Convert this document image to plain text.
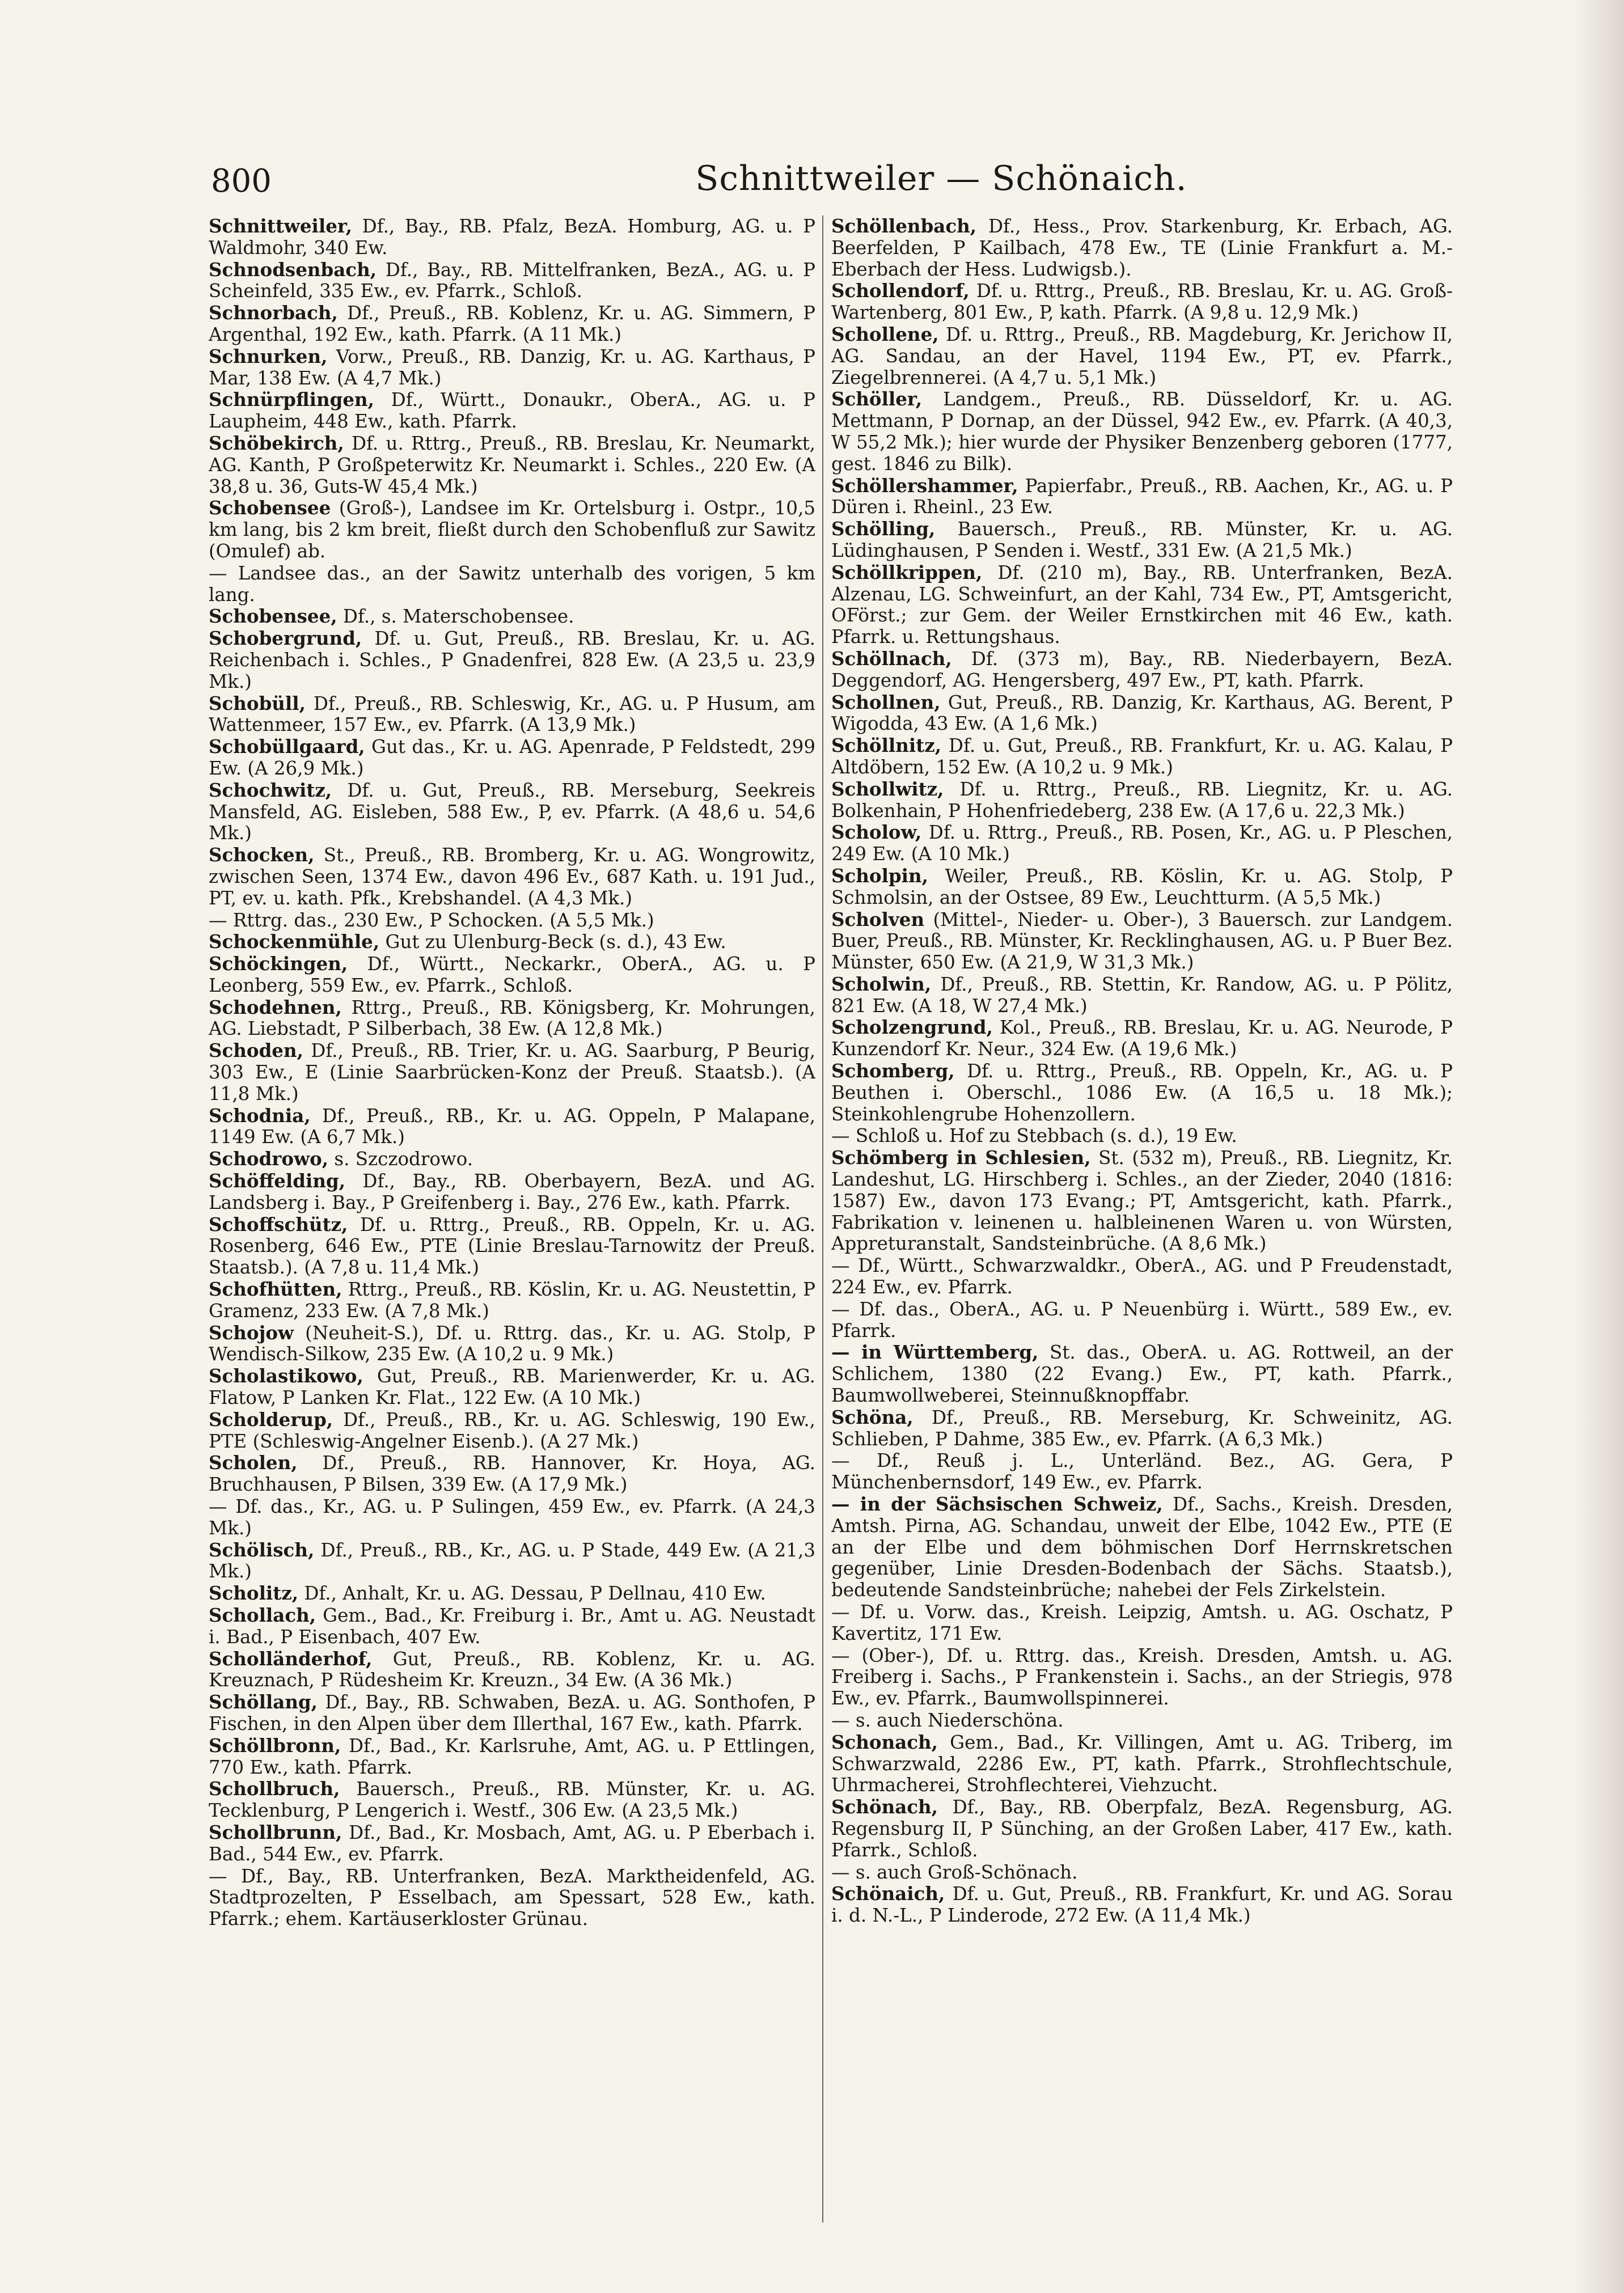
800	Schnittweiler — Schönaich.

Schnittweiler, Df., Bay., RB. Pfalz, BezA. Homburg, AG. u. P Waldmohr, 340 Ew.

Schnodsenbach, Df., Bay., RB. Mittelfranken, BezA., AG. u. P Scheinfeld, 335 Ew., ev. Pfarrk., Schloß.

Schnorbach, Df., Preuß., RB. Koblenz, Kr. u. AG. Simmern, P Argenthal, 192 Ew., kath. Pfarrk. (A 11 Mk.)

Schnurken, Vorw., Preuß., RB. Danzig, Kr. u. AG. Karthaus, P Mar, 138 Ew. (A 4,7 Mk.)

Schnürpflingen, Df., Württ., Donaukr., OberA., AG. u. P Laupheim, 448 Ew., kath. Pfarrk.

Schöbekirch, Df. u. Rttrg., Preuß., RB. Breslau, Kr. Neumarkt, AG. Kanth, P Großpeterwitz Kr. Neumarkt i. Schles., 220 Ew. (A 38,8 u. 36, Guts-W 45,4 Mk.)

Schobensee (Groß-), Landsee im Kr. Ortelsburg i. Ostpr., 10,5 km lang, bis 2 km breit, fließt durch den Schobenfluß zur Sawitz (Omulef) ab.

— Landsee das., an der Sawitz unterhalb des vorigen, 5 km lang.

Schobensee, Df., s. Materschobensee.

Schobergrund, Df. u. Gut, Preuß., RB. Breslau, Kr. u. AG. Reichenbach i. Schles., P Gnadenfrei, 828 Ew. (A 23,5 u. 23,9 Mk.)

Schobüll, Df., Preuß., RB. Schleswig, Kr., AG. u. P Husum, am Wattenmeer, 157 Ew., ev. Pfarrk. (A 13,9 Mk.)

Schobüllgaard, Gut das., Kr. u. AG. Apenrade, P Feldstedt, 299 Ew. (A 26,9 Mk.)

Schochwitz, Df. u. Gut, Preuß., RB. Merseburg, Seekreis Mansfeld, AG. Eisleben, 588 Ew., P, ev. Pfarrk. (A 48,6 u. 54,6 Mk.)

Schocken, St., Preuß., RB. Bromberg, Kr. u. AG. Wongrowitz, zwischen Seen, 1374 Ew., davon 496 Ev., 687 Kath. u. 191 Jud., PT, ev. u. kath. Pfk., Krebshandel. (A 4,3 Mk.)

— Rttrg. das., 230 Ew., P Schocken. (A 5,5 Mk.)

Schockenmühle, Gut zu Ulenburg-Beck (s. d.), 43 Ew.

Schöckingen, Df., Württ., Neckarkr., OberA., AG. u. P Leonberg, 559 Ew., ev. Pfarrk., Schloß.

Schodehnen, Rttrg., Preuß., RB. Königsberg, Kr. Mohrungen, AG. Liebstadt, P Silberbach, 38 Ew. (A 12,8 Mk.)

Schoden, Df., Preuß., RB. Trier, Kr. u. AG. Saarburg, P Beurig, 303 Ew., E (Linie Saarbrücken-Konz der Preuß. Staatsb.). (A 11,8 Mk.)

Schodnia, Df., Preuß., RB., Kr. u. AG. Oppeln, P Malapane, 1149 Ew. (A 6,7 Mk.)

Schodrowo, s. Szczodrowo.

Schöffelding, Df., Bay., RB. Oberbayern, BezA. und AG. Landsberg i. Bay., P Greifenberg i. Bay., 276 Ew., kath. Pfarrk.

Schoffschütz, Df. u. Rttrg., Preuß., RB. Oppeln, Kr. u. AG. Rosenberg, 646 Ew., PTE (Linie Breslau-Tarnowitz der Preuß. Staatsb.). (A 7,8 u. 11,4 Mk.)

Schofhütten, Rttrg., Preuß., RB. Köslin, Kr. u. AG. Neustettin, P Gramenz, 233 Ew. (A 7,8 Mk.)

Schojow (Neuheit-S.), Df. u. Rttrg. das., Kr. u. AG. Stolp, P Wendisch-Silkow, 235 Ew. (A 10,2 u. 9 Mk.)

Scholastikowo, Gut, Preuß., RB. Marienwerder, Kr. u. AG. Flatow, P Lanken Kr. Flat., 122 Ew. (A 10 Mk.)

Scholderup, Df., Preuß., RB., Kr. u. AG. Schleswig, 190 Ew., PTE (Schleswig-Angelner Eisenb.). (A 27 Mk.)

Scholen, Df., Preuß., RB. Hannover, Kr. Hoya, AG. Bruchhausen, P Bilsen, 339 Ew. (A 17,9 Mk.)

— Df. das., Kr., AG. u. P Sulingen, 459 Ew., ev. Pfarrk. (A 24,3 Mk.)

Schölisch, Df., Preuß., RB., Kr., AG. u. P Stade, 449 Ew. (A 21,3 Mk.)

Scholitz, Df., Anhalt, Kr. u. AG. Dessau, P Dellnau, 410 Ew.

Schollach, Gem., Bad., Kr. Freiburg i. Br., Amt u. AG. Neustadt i. Bad., P Eisenbach, 407 Ew.

Scholländerhof, Gut, Preuß., RB. Koblenz, Kr. u. AG. Kreuznach, P Rüdesheim Kr. Kreuzn., 34 Ew. (A 36 Mk.)

Schöllang, Df., Bay., RB. Schwaben, BezA. u. AG. Sonthofen, P Fischen, in den Alpen über dem Illerthal, 167 Ew., kath. Pfarrk.

Schöllbronn, Df., Bad., Kr. Karlsruhe, Amt, AG. u. P Ettlingen, 770 Ew., kath. Pfarrk.

Schollbruch, Bauersch., Preuß., RB. Münster, Kr. u. AG. Tecklenburg, P Lengerich i. Westf., 306 Ew. (A 23,5 Mk.)

Schollbrunn, Df., Bad., Kr. Mosbach, Amt, AG. u. P Eberbach i. Bad., 544 Ew., ev. Pfarrk.

— Df., Bay., RB. Unterfranken, BezA. Marktheidenfeld, AG. Stadtprozelten, P Esselbach, am Spessart, 528 Ew., kath. Pfarrk.; ehem. Kartäuserkloster Grünau.

Schöllenbach, Df., Hess., Prov. Starkenburg, Kr. Erbach, AG. Beerfelden, P Kailbach, 478 Ew., TE (Linie Frankfurt a. M.-Eberbach der Hess. Ludwigsb.).

Schollendorf, Df. u. Rttrg., Preuß., RB. Breslau, Kr. u. AG. Groß-Wartenberg, 801 Ew., P, kath. Pfarrk. (A 9,8 u. 12,9 Mk.)

Schollene, Df. u. Rttrg., Preuß., RB. Magdeburg, Kr. Jerichow II, AG. Sandau, an der Havel, 1194 Ew., PT, ev. Pfarrk., Ziegelbrennerei. (A 4,7 u. 5,1 Mk.)

Schöller, Landgem., Preuß., RB. Düsseldorf, Kr. u. AG. Mettmann, P Dornap, an der Düssel, 942 Ew., ev. Pfarrk. (A 40,3, W 55,2 Mk.); hier wurde der Physiker Benzenberg geboren (1777, gest. 1846 zu Bilk).

Schöllershammer, Papierfabr., Preuß., RB. Aachen, Kr., AG. u. P Düren i. Rheinl., 23 Ew.

Schölling, Bauersch., Preuß., RB. Münster, Kr. u. AG. Lüdinghausen, P Senden i. Westf., 331 Ew. (A 21,5 Mk.)

Schöllkrippen, Df. (210 m), Bay., RB. Unterfranken, BezA. Alzenau, LG. Schweinfurt, an der Kahl, 734 Ew., PT, Amtsgericht, OFörst.; zur Gem. der Weiler Ernstkirchen mit 46 Ew., kath. Pfarrk. u. Rettungshaus.

Schöllnach, Df. (373 m), Bay., RB. Niederbayern, BezA. Deggendorf, AG. Hengersberg, 497 Ew., PT, kath. Pfarrk.

Schollnen, Gut, Preuß., RB. Danzig, Kr. Karthaus, AG. Berent, P Wigodda, 43 Ew. (A 1,6 Mk.)

Schöllnitz, Df. u. Gut, Preuß., RB. Frankfurt, Kr. u. AG. Kalau, P Altdöbern, 152 Ew. (A 10,2 u. 9 Mk.)

Schollwitz, Df. u. Rttrg., Preuß., RB. Liegnitz, Kr. u. AG. Bolkenhain, P Hohenfriedeberg, 238 Ew. (A 17,6 u. 22,3 Mk.)

Scholow, Df. u. Rttrg., Preuß., RB. Posen, Kr., AG. u. P Pleschen, 249 Ew. (A 10 Mk.)

Scholpin, Weiler, Preuß., RB. Köslin, Kr. u. AG. Stolp, P Schmolsin, an der Ostsee, 89 Ew., Leuchtturm. (A 5,5 Mk.)

Scholven (Mittel-, Nieder- u. Ober-), 3 Bauersch. zur Landgem. Buer, Preuß., RB. Münster, Kr. Recklinghausen, AG. u. P Buer Bez. Münster, 650 Ew. (A 21,9, W 31,3 Mk.)

Scholwin, Df., Preuß., RB. Stettin, Kr. Randow, AG. u. P Pölitz, 821 Ew. (A 18, W 27,4 Mk.)

Scholzengrund, Kol., Preuß., RB. Breslau, Kr. u. AG. Neurode, P Kunzendorf Kr. Neur., 324 Ew. (A 19,6 Mk.)

Schomberg, Df. u. Rttrg., Preuß., RB. Oppeln, Kr., AG. u. P Beuthen i. Oberschl., 1086 Ew. (A 16,5 u. 18 Mk.); Steinkohlengrube Hohenzollern.

— Schloß u. Hof zu Stebbach (s. d.), 19 Ew.

Schömberg in Schlesien, St. (532 m), Preuß., RB. Liegnitz, Kr. Landeshut, LG. Hirschberg i. Schles., an der Zieder, 2040 (1816: 1587) Ew., davon 173 Evang.; PT, Amtsgericht, kath. Pfarrk., Fabrikation v. leinenen u. halbleinenen Waren u. von Würsten, Appreturanstalt, Sandsteinbrüche. (A 8,6 Mk.)

— Df., Württ., Schwarzwaldkr., OberA., AG. und P Freudenstadt, 224 Ew., ev. Pfarrk.

— Df. das., OberA., AG. u. P Neuenbürg i. Württ., 589 Ew., ev. Pfarrk.

— in Württemberg, St. das., OberA. u. AG. Rottweil, an der Schlichem, 1380 (22 Evang.) Ew., PT, kath. Pfarrk., Baumwollweberei, Steinnußknopffabr.

Schöna, Df., Preuß., RB. Merseburg, Kr. Schweinitz, AG. Schlieben, P Dahme, 385 Ew., ev. Pfarrk. (A 6,3 Mk.)

— Df., Reuß j. L., Unterländ. Bez., AG. Gera, P Münchenbernsdorf, 149 Ew., ev. Pfarrk.

— in der Sächsischen Schweiz, Df., Sachs., Kreish. Dresden, Amtsh. Pirna, AG. Schandau, unweit der Elbe, 1042 Ew., PTE (E an der Elbe und dem böhmischen Dorf Herrnskretschen gegenüber, Linie Dresden-Bodenbach der Sächs. Staatsb.), bedeutende Sandsteinbrüche; nahebei der Fels Zirkelstein.

— Df. u. Vorw. das., Kreish. Leipzig, Amtsh. u. AG. Oschatz, P Kavertitz, 171 Ew.

— (Ober-), Df. u. Rttrg. das., Kreish. Dresden, Amtsh. u. AG. Freiberg i. Sachs., P Frankenstein i. Sachs., an der Striegis, 978 Ew., ev. Pfarrk., Baumwollspinnerei.

— s. auch Niederschöna.

Schonach, Gem., Bad., Kr. Villingen, Amt u. AG. Triberg, im Schwarzwald, 2286 Ew., PT, kath. Pfarrk., Strohflechtschule, Uhrmacherei, Strohflechterei, Viehzucht.

Schönach, Df., Bay., RB. Oberpfalz, BezA. Regensburg, AG. Regensburg II, P Sünching, an der Großen Laber, 417 Ew., kath. Pfarrk., Schloß.

— s. auch Groß-Schönach.

Schönaich, Df. u. Gut, Preuß., RB. Frankfurt, Kr. und AG. Sorau i. d. N.-L., P Linderode, 272 Ew. (A 11,4 Mk.)
